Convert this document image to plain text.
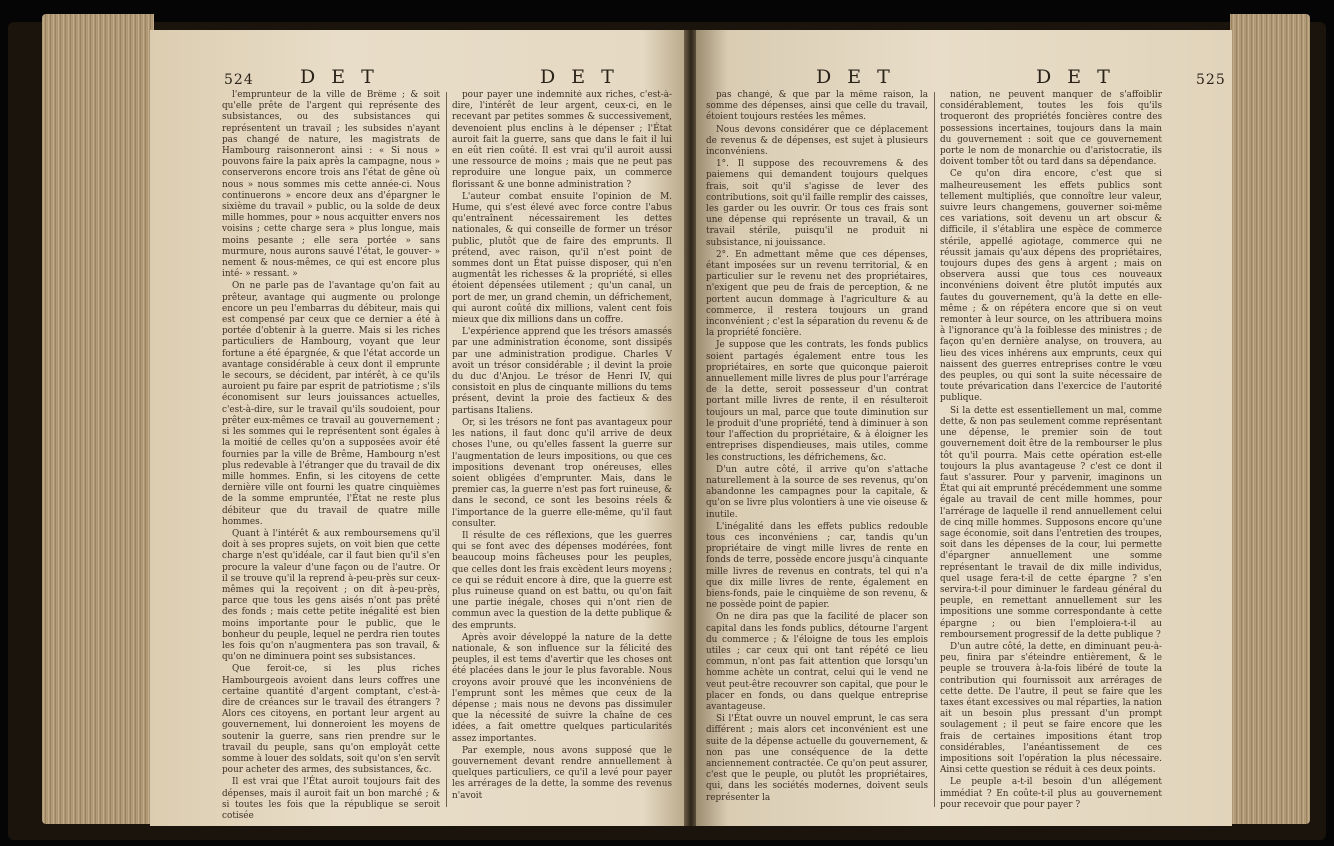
524 D E T	D E T

l'emprunteur de la ville de Brême ; & soit qu'elle prête de l'argent qui représente des subsistances, ou des subsistances qui représentent un travail ; les subsides n'ayant pas changé de nature, les magistrats de Hambourg raisonneront ainsi : « Si nous » pouvons faire la paix après la campagne, nous » conserverons encore trois ans l'état de gêne où nous » nous sommes mis cette année-ci. Nous continuerons » encore deux ans d'épargner le sixième du travail » public, ou la solde de deux mille hommes, pour » nous acquitter envers nos voisins ; cette charge sera » plus longue, mais moins pesante ; elle sera portée » sans murmure, nous aurons sauvé l'état, le gouver- » nement & nous-mêmes, ce qui est encore plus inté- » ressant. »

On ne parle pas de l'avantage qu'on fait au prêteur, avantage qui augmente ou prolonge encore un peu l'embarras du débiteur, mais qui est compensé par ceux que ce dernier a été à portée d'obtenir à la guerre. Mais si les riches particuliers de Hambourg, voyant que leur fortune a été épargnée, & que l'état accorde un avantage considérable à ceux dont il emprunte le secours, se décident, par intérêt, à ce qu'ils auroient pu faire par esprit de patriotisme ; s'ils économisent sur leurs jouissances actuelles, c'est-à-dire, sur le travail qu'ils soudoient, pour prêter eux-mêmes ce travail au gouvernement ; si les sommes qui le représentent sont égales à la moitié de celles qu'on a supposées avoir été fournies par la ville de Brême, Hambourg n'est plus redevable à l'étranger que du travail de dix mille hommes. Enfin, si les citoyens de cette dernière ville ont fourni les quatre cinquièmes de la somme empruntée, l'État ne reste plus débiteur que du travail de quatre mille hommes.

Quant à l'intérêt & aux remboursemens qu'il doit à ses propres sujets, on voit bien que cette charge n'est qu'idéale, car il faut bien qu'il s'en procure la valeur d'une façon ou de l'autre. Or il se trouve qu'il la reprend à-peu-près sur ceux-mêmes qui la reçoivent ; on dit à-peu-près, parce que tous les gens aisés n'ont pas prêté des fonds ; mais cette petite inégalité est bien moins importante pour le public, que le bonheur du peuple, lequel ne perdra rien toutes les fois qu'on n'augmentera pas son travail, & qu'on ne diminuera point ses subsistances.

Que feroit-ce, si les plus riches Hambourgeois avoient dans leurs coffres une certaine quantité d'argent comptant, c'est-à-dire de créances sur le travail des étrangers ? Alors ces citoyens, en portant leur argent au gouvernement, lui donneroient les moyens de soutenir la guerre, sans rien prendre sur le travail du peuple, sans qu'on employât cette somme à louer des soldats, soit qu'on s'en servît pour acheter des armes, des subsistances, &c.

Il est vrai que l'État auroit toujours fait des dépenses, mais il auroit fait un bon marché ; & si toutes les fois que la république se seroit cotisée

pour payer une indemnité aux riches, c'est-à-dire, l'intérêt de leur argent, ceux-ci, en le recevant par petites sommes & successivement, devenoient plus enclins à le dépenser ; l'État auroit fait la guerre, sans que dans le fait il lui en eût rien coûté. Il est vrai qu'il auroit aussi une ressource de moins ; mais que ne peut pas reproduire une longue paix, un commerce florissant & une bonne administration ?

L'auteur combat ensuite l'opinion de M. Hume, qui s'est élevé avec force contre l'abus qu'entraînent nécessairement les dettes nationales, & qui conseille de former un trésor public, plutôt que de faire des emprunts. Il prétend, avec raison, qu'il n'est point de sommes dont un État puisse disposer, qui n'en augmentât les richesses & la propriété, si elles étoient dépensées utilement ; qu'un canal, un port de mer, un grand chemin, un défrichement, qui auront coûté dix millions, valent cent fois mieux que dix millions dans un coffre.

L'expérience apprend que les trésors amassés par une administration économe, sont dissipés par une administration prodigue. Charles V avoit un trésor considérable ; il devint la proie du duc d'Anjou. Le trésor de Henri IV, qui consistoit en plus de cinquante millions du tems présent, devint la proie des factieux & des partisans Italiens.

Or, si les trésors ne font pas avantageux pour les nations, il faut donc qu'il arrive de deux choses l'une, ou qu'elles fassent la guerre sur l'augmentation de leurs impositions, ou que ces impositions devenant trop onéreuses, elles soient obligées d'emprunter. Mais, dans le premier cas, la guerre n'est pas fort ruineuse, & dans le second, ce sont les besoins réels & l'importance de la guerre elle-même, qu'il faut consulter.

Il résulte de ces réflexions, que les guerres qui se font avec des dépenses modérées, font beaucoup moins fâcheuses pour les peuples, que celles dont les frais excèdent leurs moyens ; ce qui se réduit encore à dire, que la guerre est plus ruineuse quand on est battu, ou qu'on fait une partie inégale, choses qui n'ont rien de commun avec la question de la dette publique & des emprunts.

Après avoir développé la nature de la dette nationale, & son influence sur la félicité des peuples, il est tems d'avertir que les choses ont été placées dans le jour le plus favorable. Nous croyons avoir prouvé que les inconvéniens de l'emprunt sont les mêmes que ceux de la dépense ; mais nous ne devons pas dissimuler que la nécessité de suivre la chaîne de ces idées, a fait omettre quelques particularités assez importantes.

Par exemple, nous avons supposé que le gouvernement devant rendre annuellement à quelques particuliers, ce qu'il a levé pour payer les arrérages de la dette, la somme des revenus n'avoit

D E T	D E T	525

pas changé, & que par la même raison, la somme des dépenses, ainsi que celle du travail, étoient toujours restées les mêmes.

Nous devons considérer que ce déplacement de revenus & de dépenses, est sujet à plusieurs inconvéniens.

1°. Il suppose des recouvremens & des paiemens qui demandent toujours quelques frais, soit qu'il s'agisse de lever des contributions, soit qu'il faille remplir des caisses, les garder ou les ouvrir. Or tous ces frais sont une dépense qui représente un travail, & un travail stérile, puisqu'il ne produit ni subsistance, ni jouissance.

2°. En admettant même que ces dépenses, étant imposées sur un revenu territorial, & en particulier sur le revenu net des propriétaires, n'exigent que peu de frais de perception, & ne portent aucun dommage à l'agriculture & au commerce, il restera toujours un grand inconvénient ; c'est la séparation du revenu & de la propriété foncière.

Je suppose que les contrats, les fonds publics soient partagés également entre tous les propriétaires, en sorte que quiconque paieroit annuellement mille livres de plus pour l'arrérage de la dette, seroit possesseur d'un contrat portant mille livres de rente, il en résulteroit toujours un mal, parce que toute diminution sur le produit d'une propriété, tend à diminuer à son tour l'affection du propriétaire, & à éloigner les entreprises dispendieuses, mais utiles, comme les constructions, les défrichemens, &c.

D'un autre côté, il arrive qu'on s'attache naturellement à la source de ses revenus, qu'on abandonne les campagnes pour la capitale, & qu'on se livre plus volontiers à une vie oiseuse & inutile.

L'inégalité dans les effets publics redouble tous ces inconvéniens ; car, tandis qu'un propriétaire de vingt mille livres de rente en fonds de terre, possède encore jusqu'à cinquante mille livres de revenus en contrats, tel qui n'a que dix mille livres de rente, également en biens-fonds, paie le cinquième de son revenu, & ne possède point de papier.

On ne dira pas que la facilité de placer son capital dans les fonds publics, détourne l'argent du commerce ; & l'éloigne de tous les emplois utiles ; car ceux qui ont tant répété ce lieu commun, n'ont pas fait attention que lorsqu'un homme achète un contrat, celui qui le vend ne veut peut-être recouvrer son capital, que pour le placer en fonds, ou dans quelque entreprise avantageuse.

Si l'État ouvre un nouvel emprunt, le cas sera différent ; mais alors cet inconvénient est une suite de la dépense actuelle du gouvernement, & non pas une conséquence de la dette anciennement contractée. Ce qu'on peut assurer, c'est que le peuple, ou plutôt les propriétaires, qui, dans les sociétés modernes, doivent seuls représenter la

nation, ne peuvent manquer de s'affoiblir considérablement, toutes les fois qu'ils troqueront des propriétés foncières contre des possessions incertaines, toujours dans la main du gouvernement : soit que ce gouvernement porte le nom de monarchie ou d'aristocratie, ils doivent tomber tôt ou tard dans sa dépendance.

Ce qu'on dira encore, c'est que si malheureusement les effets publics sont tellement multipliés, que connoître leur valeur, suivre leurs changemens, gouverner soi-même ces variations, soit devenu un art obscur & difficile, il s'établira une espèce de commerce stérile, appellé agiotage, commerce qui ne réussit jamais qu'aux dépens des propriétaires, toujours dupes des gens à argent ; mais on observera aussi que tous ces nouveaux inconvéniens doivent être plutôt imputés aux fautes du gouvernement, qu'à la dette en elle-même ; & on répétera encore que si on veut remonter à leur source, on les attribuera moins à l'ignorance qu'à la foiblesse des ministres ; de façon qu'en dernière analyse, on trouvera, au lieu des vices inhérens aux emprunts, ceux qui naissent des guerres entreprises contre le vœu des peuples, ou qui sont la suite nécessaire de toute prévarication dans l'exercice de l'autorité publique.

Si la dette est essentiellement un mal, comme dette, & non pas seulement comme représentant une dépense, le premier soin de tout gouvernement doit être de la rembourser le plus tôt qu'il pourra. Mais cette opération est-elle toujours la plus avantageuse ? c'est ce dont il faut s'assurer. Pour y parvenir, imaginons un État qui ait emprunté précédemment une somme égale au travail de cent mille hommes, pour l'arrérage de laquelle il rend annuellement celui de cinq mille hommes. Supposons encore qu'une sage économie, soit dans l'entretien des troupes, soit dans les dépenses de la cour, lui permette d'épargner annuellement une somme représentant le travail de dix mille individus, quel usage fera-t-il de cette épargne ? s'en servira-t-il pour diminuer le fardeau général du peuple, en remettant annuellement sur les impositions une somme correspondante à cette épargne ; ou bien l'emploiera-t-il au remboursement progressif de la dette publique ?

D'un autre côté, la dette, en diminuant peu-à-peu, finira par s'éteindre entièrement, & le peuple se trouvera à-la-fois libéré de toute la contribution qui fournissoit aux arrérages de cette dette. De l'autre, il peut se faire que les taxes étant excessives ou mal réparties, la nation ait un besoin plus pressant d'un prompt soulagement ; il peut se faire encore que les frais de certaines impositions étant trop considérables, l'anéantissement de ces impositions soit l'opération la plus nécessaire. Ainsi cette question se réduit à ces deux points.

Le peuple a-t-il besoin d'un allégement immédiat ? En coûte-t-il plus au gouvernement pour recevoir que pour payer ?
